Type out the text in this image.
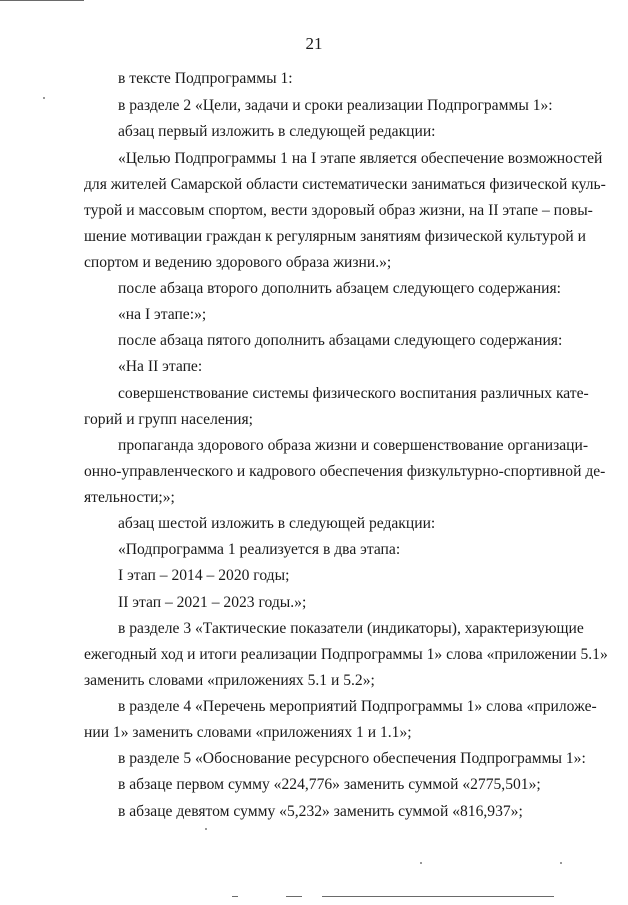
21
в тексте Подпрограммы 1:
в разделе 2 «Цели, задачи и сроки реализации Подпрограммы 1»:
абзац первый изложить в следующей редакции:
«Целью Подпрограммы 1 на I этапе является обеспечение возможностей
для жителей Самарской области систематически заниматься физической куль-
турой и массовым спортом, вести здоровый образ жизни, на II этапе – повы-
шение мотивации граждан к регулярным занятиям физической культурой и
спортом и ведению здорового образа жизни.»;
после абзаца второго дополнить абзацем следующего содержания:
«на I этапе:»;
после абзаца пятого дополнить абзацами следующего содержания:
«На II этапе:
совершенствование системы физического воспитания различных кате-
горий и групп населения;
пропаганда здорового образа жизни и совершенствование организаци-
онно-управленческого и кадрового обеспечения физкультурно-спортивной де-
ятельности;»;
абзац шестой изложить в следующей редакции:
«Подпрограмма 1 реализуется в два этапа:
I этап – 2014 – 2020 годы;
II этап – 2021 – 2023 годы.»;
в разделе 3 «Тактические показатели (индикаторы), характеризующие
ежегодный ход и итоги реализации Подпрограммы 1» слова «приложении 5.1»
заменить словами «приложениях 5.1 и 5.2»;
в разделе 4 «Перечень мероприятий Подпрограммы 1» слова «приложе-
нии 1» заменить словами «приложениях 1 и 1.1»;
в разделе 5 «Обоснование ресурсного обеспечения Подпрограммы 1»:
в абзаце первом сумму «224,776» заменить суммой «2775,501»;
в абзаце девятом сумму «5,232» заменить суммой «816,937»;
